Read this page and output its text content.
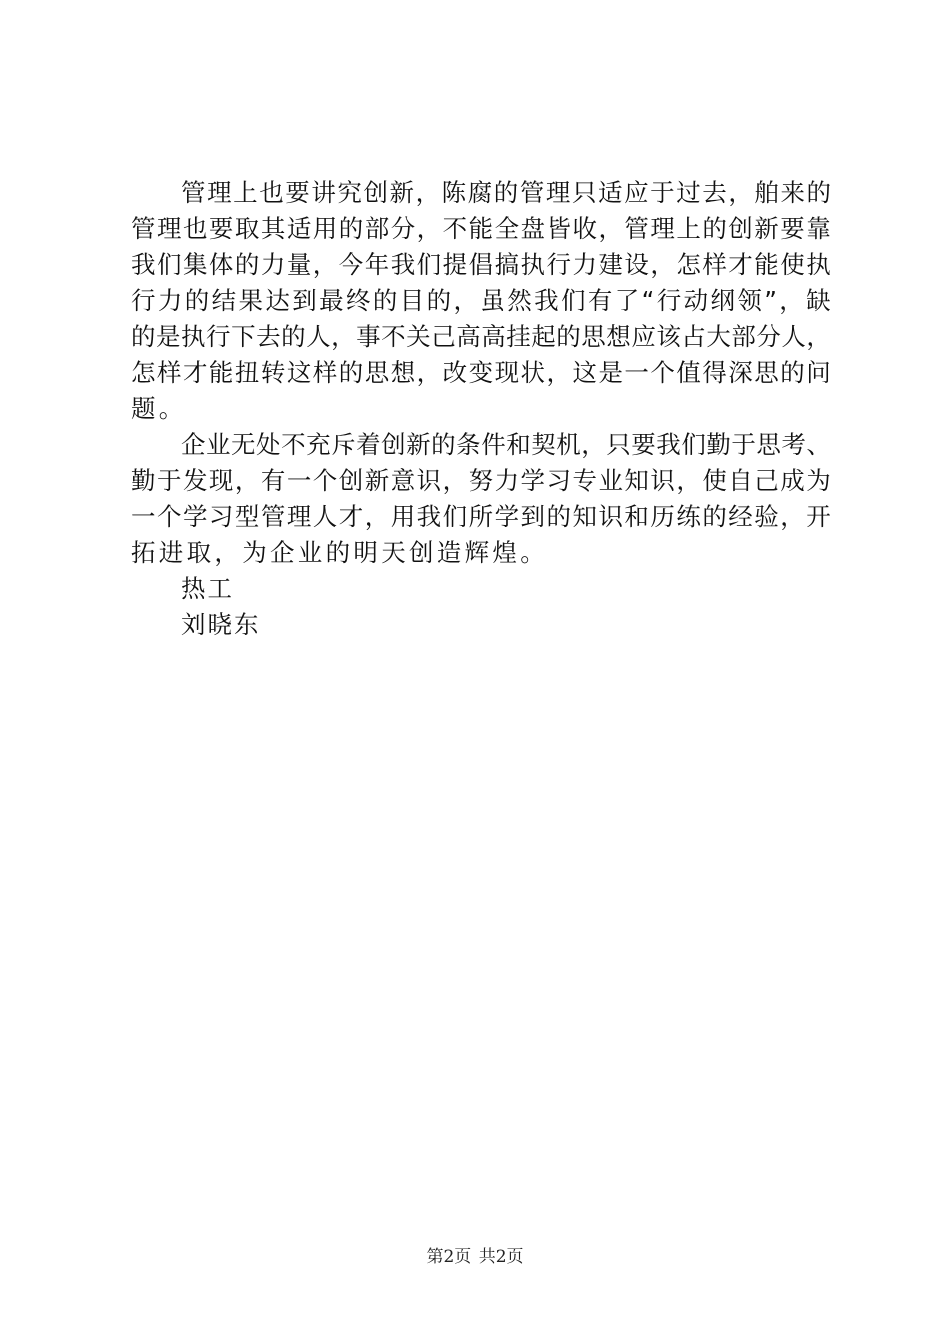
管 理 上 也 要 讲 究 创 新 ， 陈 腐 的 管 理 只 适 应 于 过 去 ， 舶 来 的
管 理 也 要 取 其 适 用 的 部 分 ， 不 能 全 盘 皆 收 ， 管 理 上 的 创 新 要 靠
我 们 集 体 的 力 量 ， 今 年 我 们 提 倡 搞 执 行 力 建 设 ， 怎 样 才 能 使 执
行 力 的 结 果 达 到 最 终 的 目 的 ， 虽 然 我 们 有 了 “ 行 动 纲 领 ” ， 缺
的 是 执 行 下 去 的 人 ， 事 不 关 己 高 高 挂 起 的 思 想 应 该 占 大 部 分 人 ，
怎 样 才 能 扭 转 这 样 的 思 想 ， 改 变 现 状 ， 这 是 一 个 值 得 深 思 的 问
题。
企 业 无 处 不 充 斥 着 创 新 的 条 件 和 契 机 ， 只 要 我 们 勤 于 思 考 、
勤 于 发 现 ， 有 一 个 创 新 意 识 ， 努 力 学 习 专 业 知 识 ， 使 自 己 成 为
一 个 学 习 型 管 理 人 才 ， 用 我 们 所 学 到 的 知 识 和 历 练 的 经 验 ， 开
拓进取，为企业的明天创造辉煌。
热工
刘晓东
第2页 共2页
